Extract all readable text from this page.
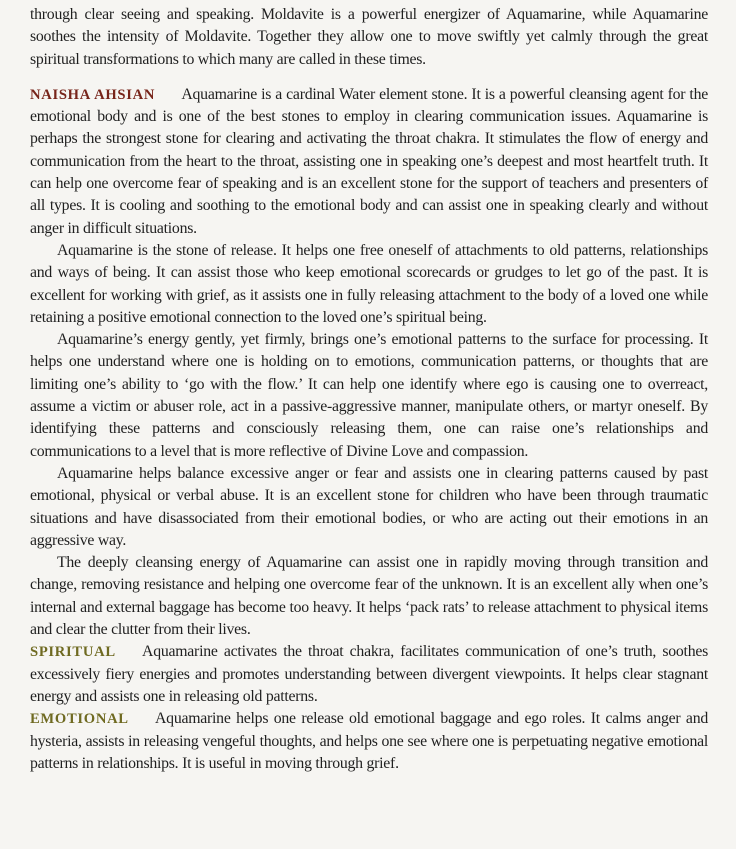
through clear seeing and speaking. Moldavite is a powerful energizer of Aquamarine, while Aquamarine soothes the intensity of Moldavite. Together they allow one to move swiftly yet calmly through the great spiritual transformations to which many are called in these times.

NAISHA AHSIAN Aquamarine is a cardinal Water element stone. It is a powerful cleansing agent for the emotional body and is one of the best stones to employ in clearing communication issues. Aquamarine is perhaps the strongest stone for clearing and activating the throat chakra. It stimulates the flow of energy and communication from the heart to the throat, assisting one in speaking one’s deepest and most heartfelt truth. It can help one overcome fear of speaking and is an excellent stone for the support of teachers and presenters of all types. It is cooling and soothing to the emotional body and can assist one in speaking clearly and without anger in difficult situations.

Aquamarine is the stone of release. It helps one free oneself of attachments to old patterns, relationships and ways of being. It can assist those who keep emotional scorecards or grudges to let go of the past. It is excellent for working with grief, as it assists one in fully releasing attachment to the body of a loved one while retaining a positive emotional connection to the loved one’s spiritual being.

Aquamarine’s energy gently, yet firmly, brings one’s emotional patterns to the surface for processing. It helps one understand where one is holding on to emotions, communication patterns, or thoughts that are limiting one’s ability to ‘go with the flow.’ It can help one identify where ego is causing one to overreact, assume a victim or abuser role, act in a passive-aggressive manner, manipulate others, or martyr oneself. By identifying these patterns and consciously releasing them, one can raise one’s relationships and communications to a level that is more reflective of Divine Love and compassion.

Aquamarine helps balance excessive anger or fear and assists one in clearing patterns caused by past emotional, physical or verbal abuse. It is an excellent stone for children who have been through traumatic situations and have disassociated from their emotional bodies, or who are acting out their emotions in an aggressive way.

The deeply cleansing energy of Aquamarine can assist one in rapidly moving through transition and change, removing resistance and helping one overcome fear of the unknown. It is an excellent ally when one’s internal and external baggage has become too heavy. It helps ‘pack rats’ to release attachment to physical items and clear the clutter from their lives.

SPIRITUAL Aquamarine activates the throat chakra, facilitates communication of one’s truth, soothes excessively fiery energies and promotes understanding between divergent viewpoints. It helps clear stagnant energy and assists one in releasing old patterns.

EMOTIONAL Aquamarine helps one release old emotional baggage and ego roles. It calms anger and hysteria, assists in releasing vengeful thoughts, and helps one see where one is perpetuating negative emotional patterns in relationships. It is useful in moving through grief.
